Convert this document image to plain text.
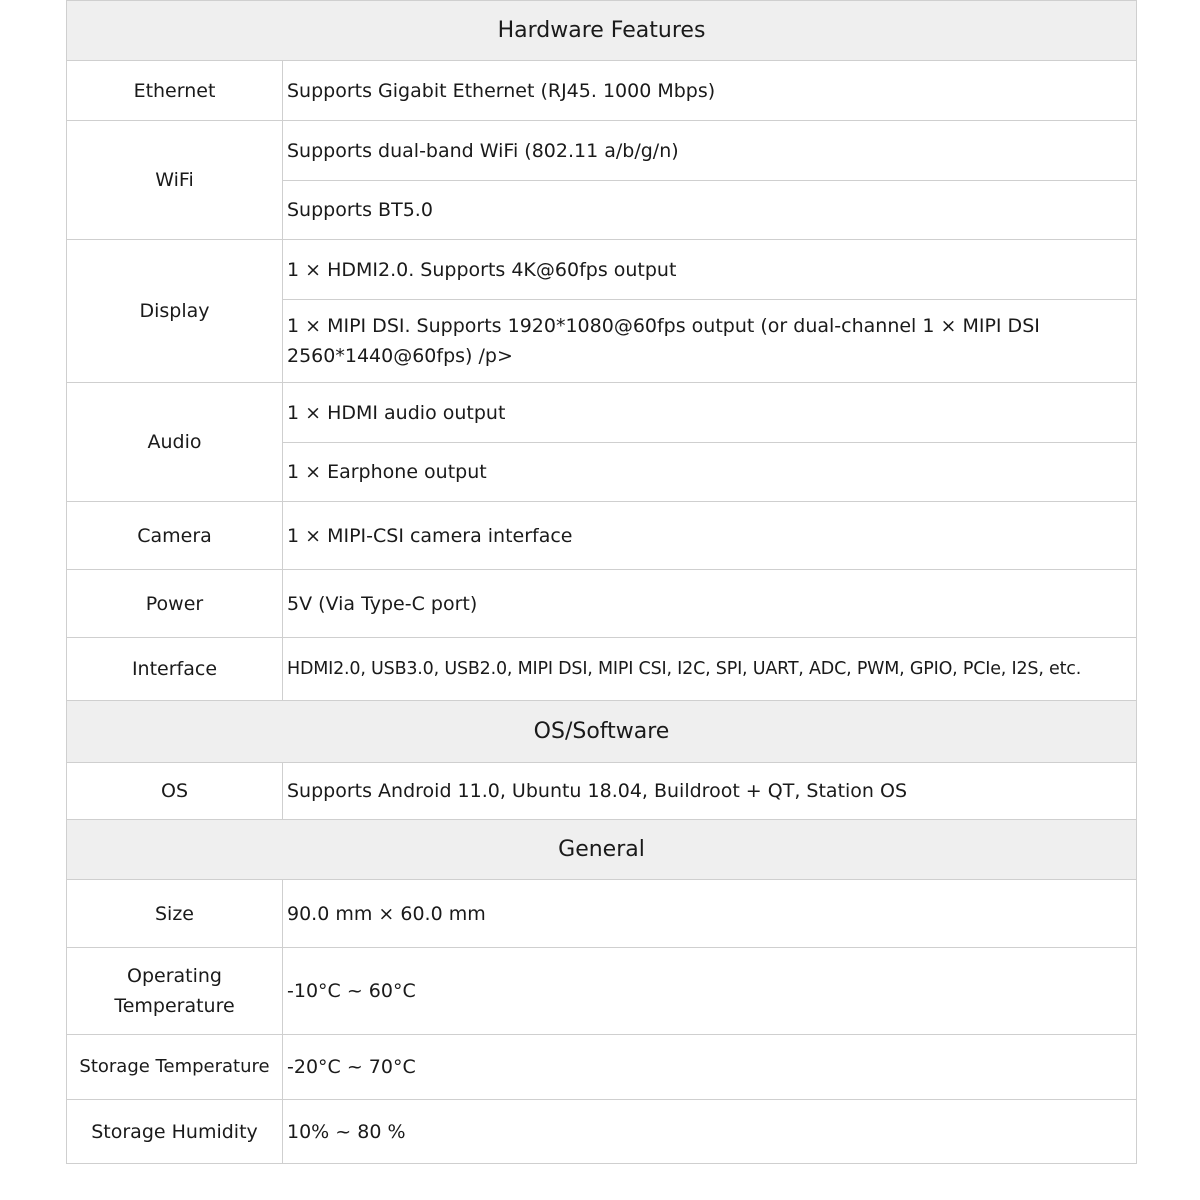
Hardware Features	
Ethernet	Supports Gigabit Ethernet (RJ45. 1000 Mbps)

WiFi	Supports dual-band WiFi (802.11 a/b/g/n)

	Supports BT5.0

Display	1 × HDMI2.0. Supports 4K@60fps output

	1 × MIPI DSI. Supports 1920*1080@60fps output (or dual-channel 1 × MIPI DSI 2560*1440@60fps) /p>

Audio	1 × HDMI audio output

	1 × Earphone output

Camera	1 × MIPI-CSI camera interface

Power	5V (Via Type-C port)

Interface	HDMI2.0, USB3.0, USB2.0, MIPI DSI, MIPI CSI, I2C, SPI, UART, ADC, PWM, GPIO, PCIe, I2S, etc.

OS/Software	
OS	Supports Android 11.0, Ubuntu 18.04, Buildroot + QT, Station OS

General	
Size	90.0 mm × 60.0 mm

Operating Temperature	-10°C ~ 60°C

Storage Temperature	-20°C ~ 70°C

Storage Humidity	10% ~ 80 %
